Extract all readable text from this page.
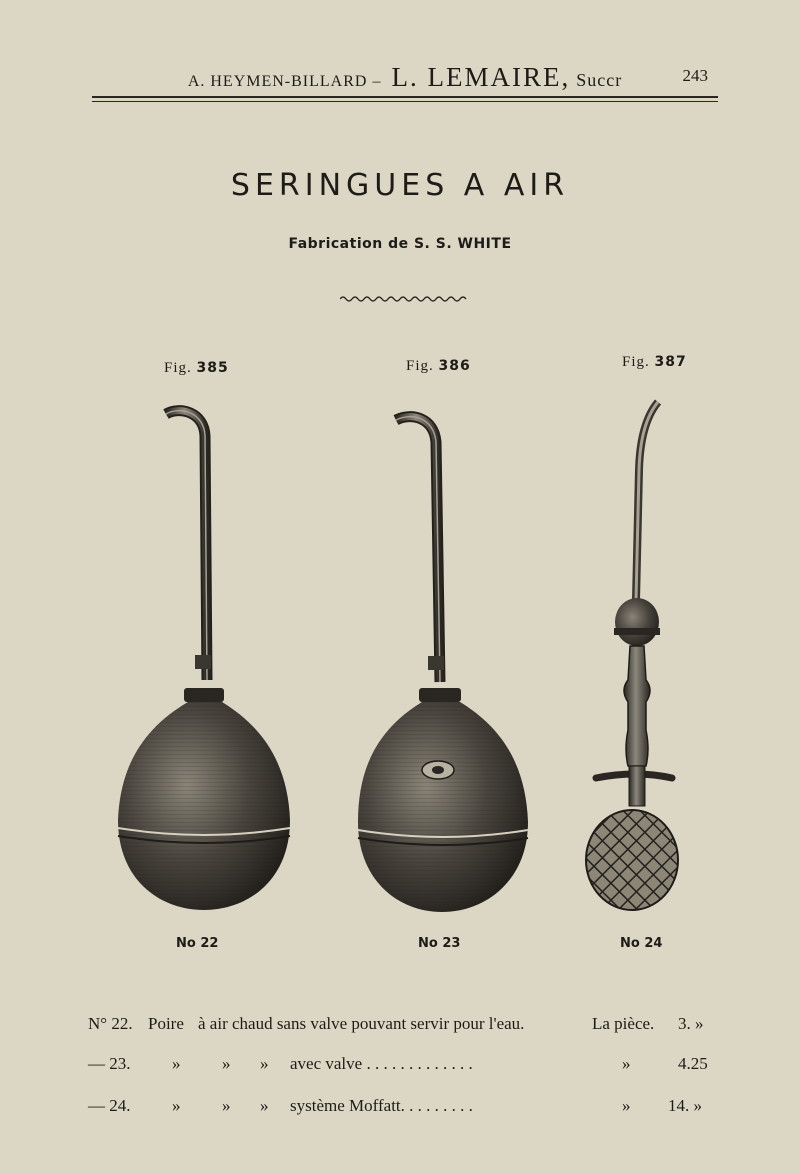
A. HEYMEN-BILLARD – L. LEMAIRE, Succr	243
SERINGUES A AIR
Fabrication de S. S. WHITE
Fig. 385	Fig. 386	Fig. 387
No 22	No 23	No 24
N° 22. Poire à air chaud sans valve pouvant servir pour l'eau.	La pièce. 3. »
— 23. » » » avec valve . . . . . . . . . . . . .	»	4.25
— 24. » » » système Moffatt. . . . . . . . .	» 14. »
